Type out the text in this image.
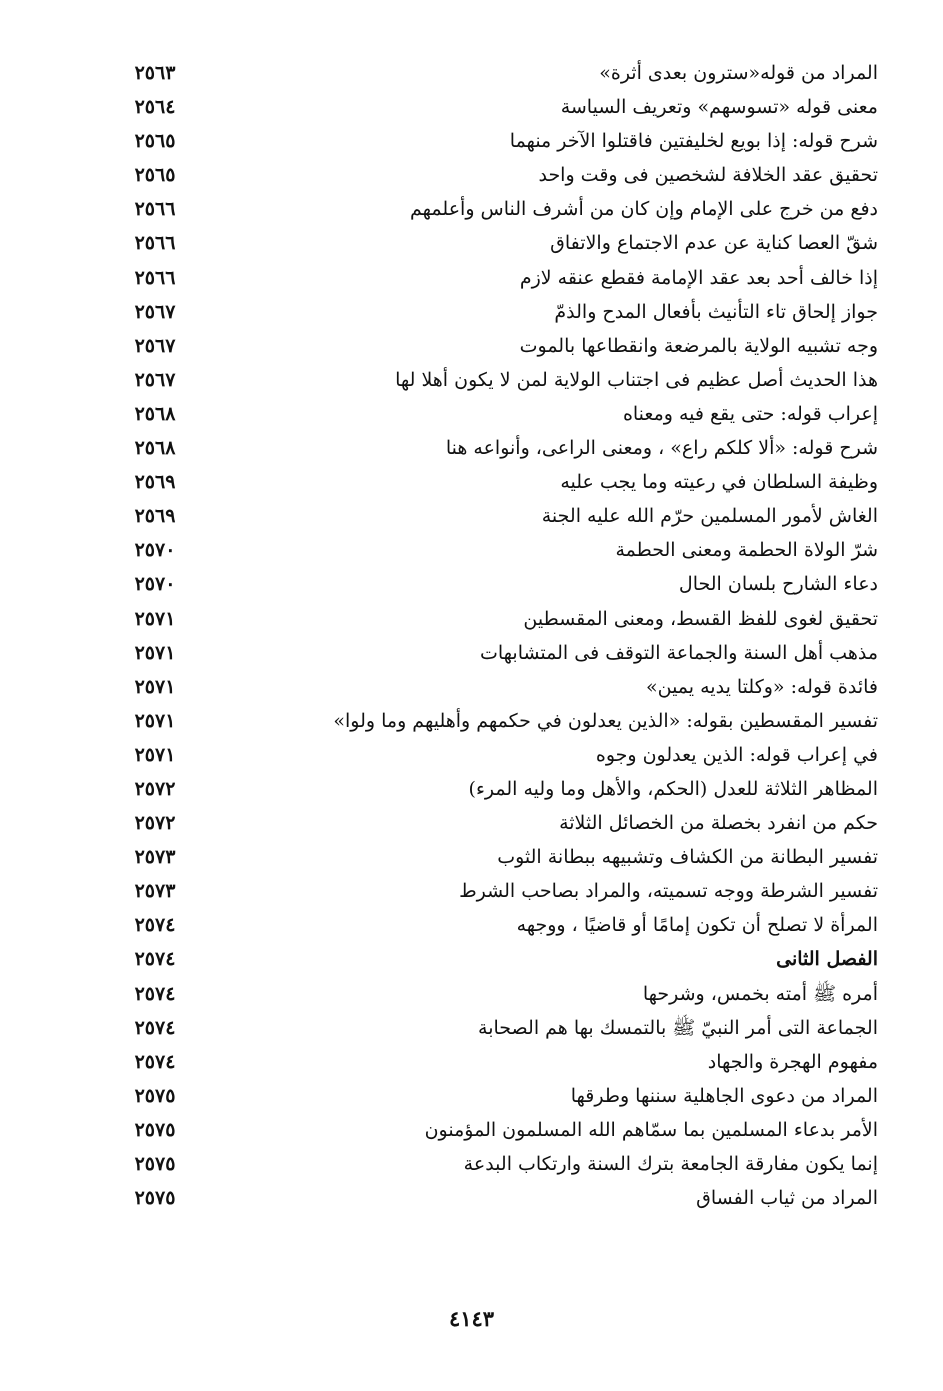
المراد من قوله«سترون بعدى أثرة»
٢٥٦٣
معنى قوله «تسوسهم» وتعريف السياسة
٢٥٦٤
شرح قوله: إذا بويع لخليفتين فاقتلوا الآخر منهما
٢٥٦٥
تحقيق عقد الخلافة لشخصين فى وقت واحد
٢٥٦٥
دفع من خرج على الإمام وإن كان من أشرف الناس وأعلمهم
٢٥٦٦
شقّ العصا كناية عن عدم الاجتماع والاتفاق
٢٥٦٦
إذا خالف أحد بعد عقد الإمامة فقطع عنقه لازم
٢٥٦٦
جواز إلحاق تاء التأنيث بأفعال المدح والذمّ
٢٥٦٧
وجه تشبيه الولاية بالمرضعة وانقطاعها بالموت
٢٥٦٧
هذا الحديث أصل عظيم فى اجتناب الولاية لمن لا يكون أهلا لها
٢٥٦٧
إعراب قوله: حتى يقع فيه ومعناه
٢٥٦٨
شرح قوله: «ألا كلكم راع» ، ومعنى الراعى، وأنواعه هنا
٢٥٦٨
وظيفة السلطان في رعيته وما يجب عليه
٢٥٦٩
الغاش لأمور المسلمين حرّم الله عليه الجنة
٢٥٦٩
شرّ الولاة الحطمة ومعنى الحطمة
٢٥٧٠
دعاء الشارح بلسان الحال
٢٥٧٠
تحقيق لغوى للفظ القسط، ومعنى المقسطين
٢٥٧١
مذهب أهل السنة والجماعة التوقف فى المتشابهات
٢٥٧١
فائدة قوله: «وكلتا يديه يمين»
٢٥٧١
تفسير المقسطين بقوله: «الذين يعدلون في حكمهم وأهليهم وما ولوا»
٢٥٧١
في إعراب قوله: الذين يعدلون وجوه
٢٥٧١
المظاهر الثلاثة للعدل (الحكم، والأهل وما وليه المرء)
٢٥٧٢
حكم من انفرد بخصلة من الخصائل الثلاثة
٢٥٧٢
تفسير البطانة من الكشاف وتشبيهه ببطانة الثوب
٢٥٧٣
تفسير الشرطة ووجه تسميته، والمراد بصاحب الشرط
٢٥٧٣
المرأة لا تصلح أن تكون إمامًا أو قاضيًا ، ووجهه
٢٥٧٤
الفصل الثانى
٢٥٧٤
أمره ﷺ أمته بخمس، وشرحها
٢٥٧٤
الجماعة التى أمر النبيّ ﷺ بالتمسك بها هم الصحابة
٢٥٧٤
مفهوم الهجرة والجهاد
٢٥٧٤
المراد من دعوى الجاهلية سننها وطرقها
٢٥٧٥
الأمر بدعاء المسلمين بما سمّاهم الله المسلمون المؤمنون
٢٥٧٥
إنما يكون مفارقة الجامعة بترك السنة وارتكاب البدعة
٢٥٧٥
المراد من ثياب الفساق
٢٥٧٥
٤١٤٣
